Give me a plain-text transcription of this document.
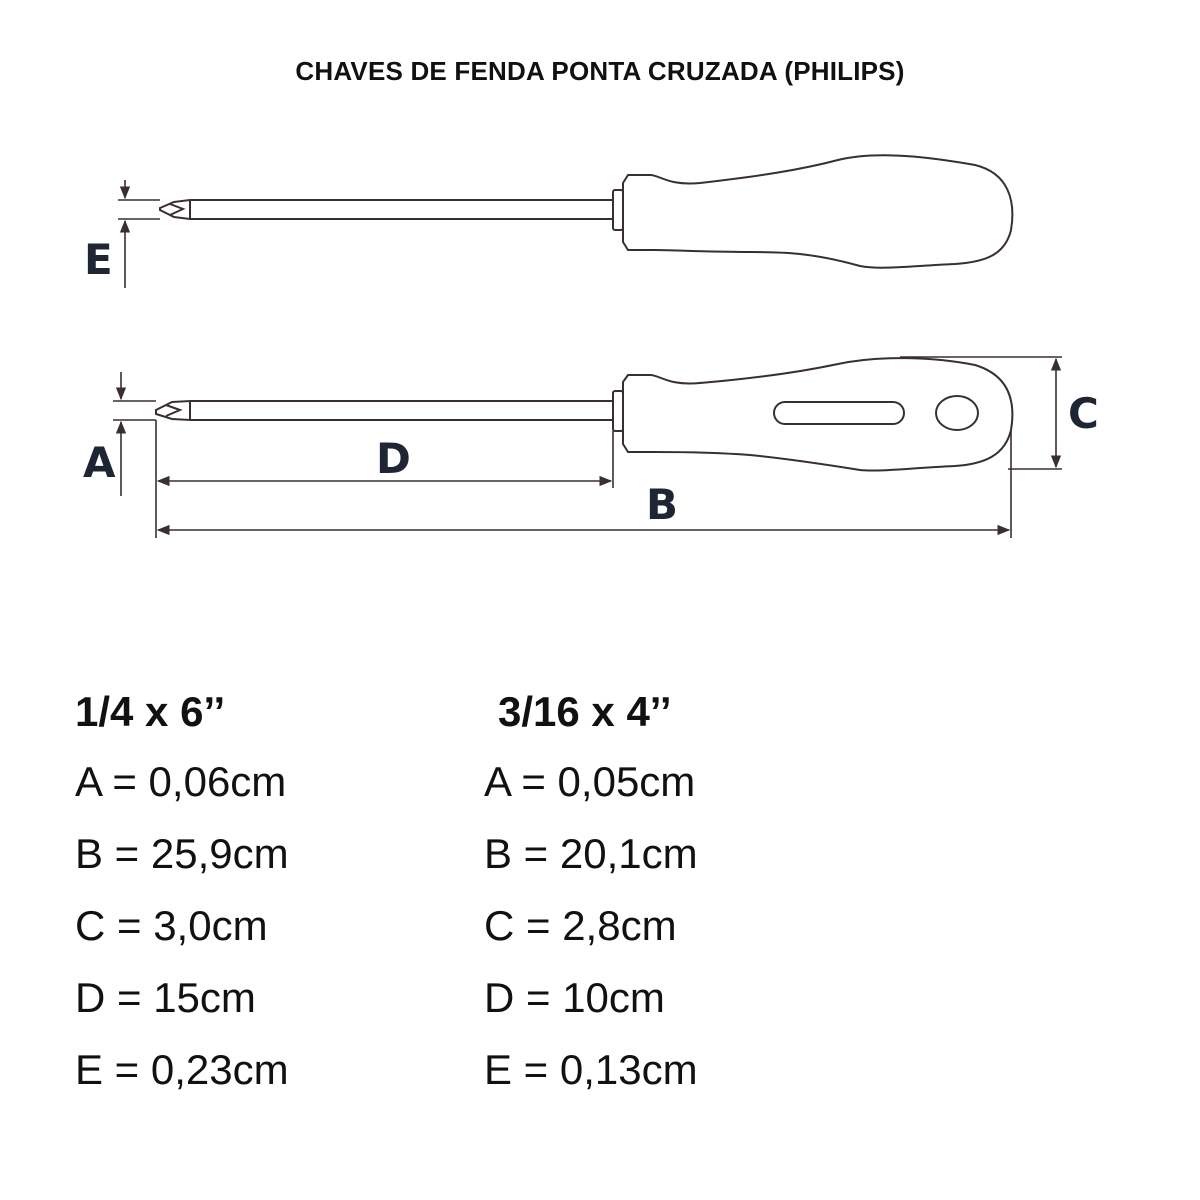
CHAVES DE FENDA PONTA CRUZADA (PHILIPS)
E
A
C
D
B
1/4 x 6’’
A = 0,06cm
B = 25,9cm
C = 3,0cm
D = 15cm
E = 0,23cm
3/16 x 4’’
A = 0,05cm
B = 20,1cm
C = 2,8cm
D = 10cm
E = 0,13cm
